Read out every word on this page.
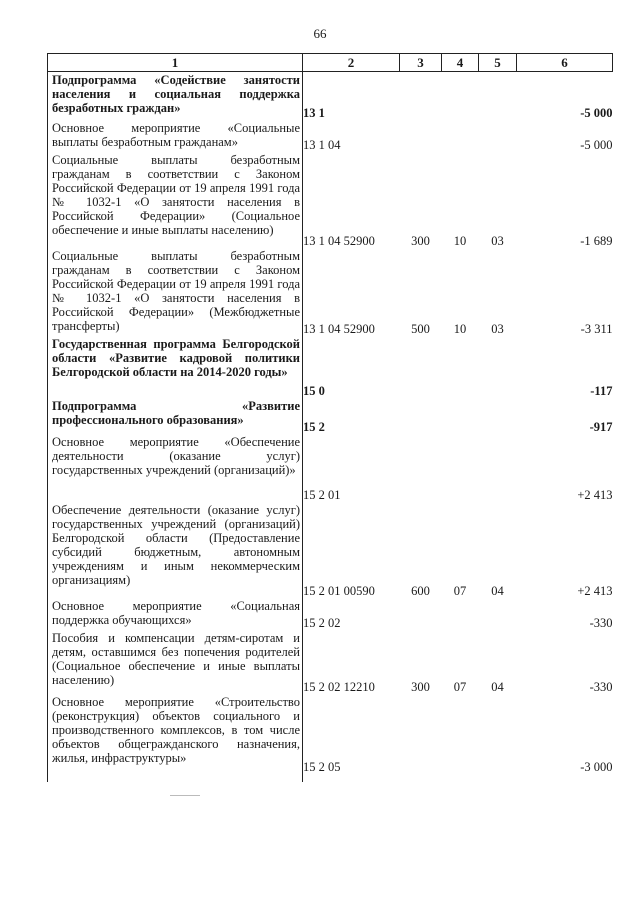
66
1	2	3	4	5	6
Подпрограмма «Содействие занятости населения и социальная поддержка безработных граждан»	13 1				-5 000
Основное мероприятие «Социальные выплаты безработным гражданам»	13 1 04				-5 000
Социальные выплаты безработным гражданам в соответствии с Законом Российской Федерации от 19 апреля 1991 года № 1032-1 «О занятости населения в Российской Федерации» (Социальное обеспечение и иные выплаты населению)	13 1 04 52900	300	10	03	-1 689
Социальные выплаты безработным гражданам в соответствии с Законом Российской Федерации от 19 апреля 1991 года № 1032-1 «О занятости населения в Российской Федерации» (Межбюджетные трансферты)	13 1 04 52900	500	10	03	-3 311
Государственная программа Белгородской области «Развитие кадровой политики Белгородской области на 2014-2020 годы»	15 0				-117
Подпрограмма «Развитие профессионального образования»	15 2				-917
Основное мероприятие «Обеспечение деятельности (оказание услуг) государственных учреждений (организаций)»	15 2 01				+2 413
Обеспечение деятельности (оказание услуг) государственных учреждений (организаций) Белгородской области (Предоставление субсидий бюджетным, автономным учреждениям и иным некоммерческим организациям)	15 2 01 00590	600	07	04	+2 413
Основное мероприятие «Социальная поддержка обучающихся»	15 2 02				-330
Пособия и компенсации детям-сиротам и детям, оставшимся без попечения родителей (Социальное обеспечение и иные выплаты населению)	15 2 02 12210	300	07	04	-330
Основное мероприятие «Строительство (реконструкция) объектов социального и производственного комплексов, в том числе объектов общегражданского назначения, жилья, инфраструктуры»	15 2 05				-3 000
